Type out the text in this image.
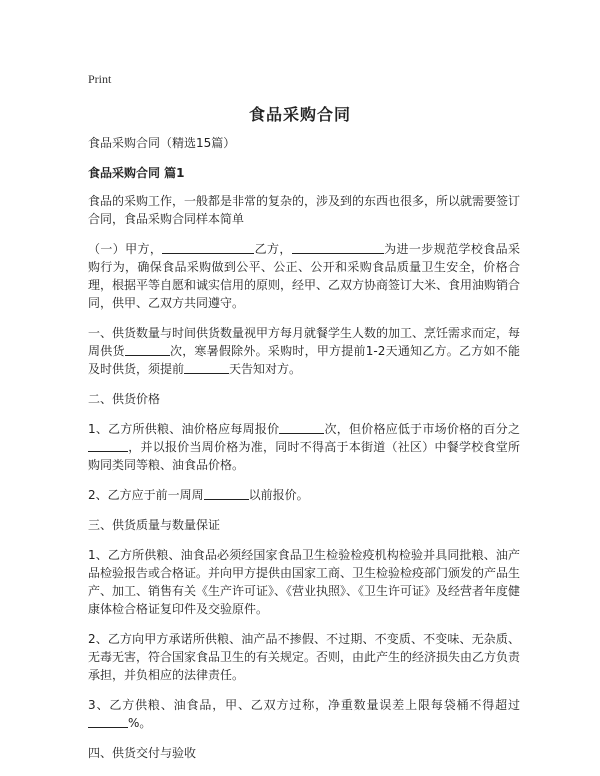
Print
食品采购合同
食品采购合同（精选15篇）
食品采购合同 篇1

食品的采购工作，一般都是非常的复杂的，涉及到的东西也很多，所以就需要签订合同，食品采购合同样本简单

（一）甲方，	乙方，	为进一步规范学校食品采购行为，确保食品采购做到公平、公正、公开和采购食品质量卫生安全，价格合理，根据平等自愿和诚实信用的原则，经甲、乙双方协商签订大米、食用油购销合同，供甲、乙双方共同遵守。

一、供货数量与时间供货数量视甲方每月就餐学生人数的加工、烹饪需求而定，每周供货	次，寒暑假除外。采购时，甲方提前1-2天通知乙方。乙方如不能及时供货，须提前	天告知对方。

二、供货价格

1、乙方所供粮、油价格应每周报价	次，但价格应低于市场价格的百分之，并以报价当周价格为准，同时不得高于本街道（社区）中餐学校食堂所购同类同等粮、油食品价格。

2、乙方应于前一周周	以前报价。

三、供货质量与数量保证

1、乙方所供粮、油食品必须经国家食品卫生检验检疫机构检验并具同批粮、油产品检验报告或合格证。并向甲方提供由国家工商、卫生检验检疫部门颁发的产品生产、加工、销售有关《生产许可证》、《营业执照》、《卫生许可证》及经营者年度健康体检合格证复印件及交验原件。

2、乙方向甲方承诺所供粮、油产品不掺假、不过期、不变质、不变味、无杂质、无毒无害，符合国家食品卫生的有关规定。否则，由此产生的经济损失由乙方负责承担，并负相应的法律责任。

3、乙方供粮、油食品，甲、乙双方过称，净重数量误差上限每袋桶不得超过%。

四、供货交付与验收
